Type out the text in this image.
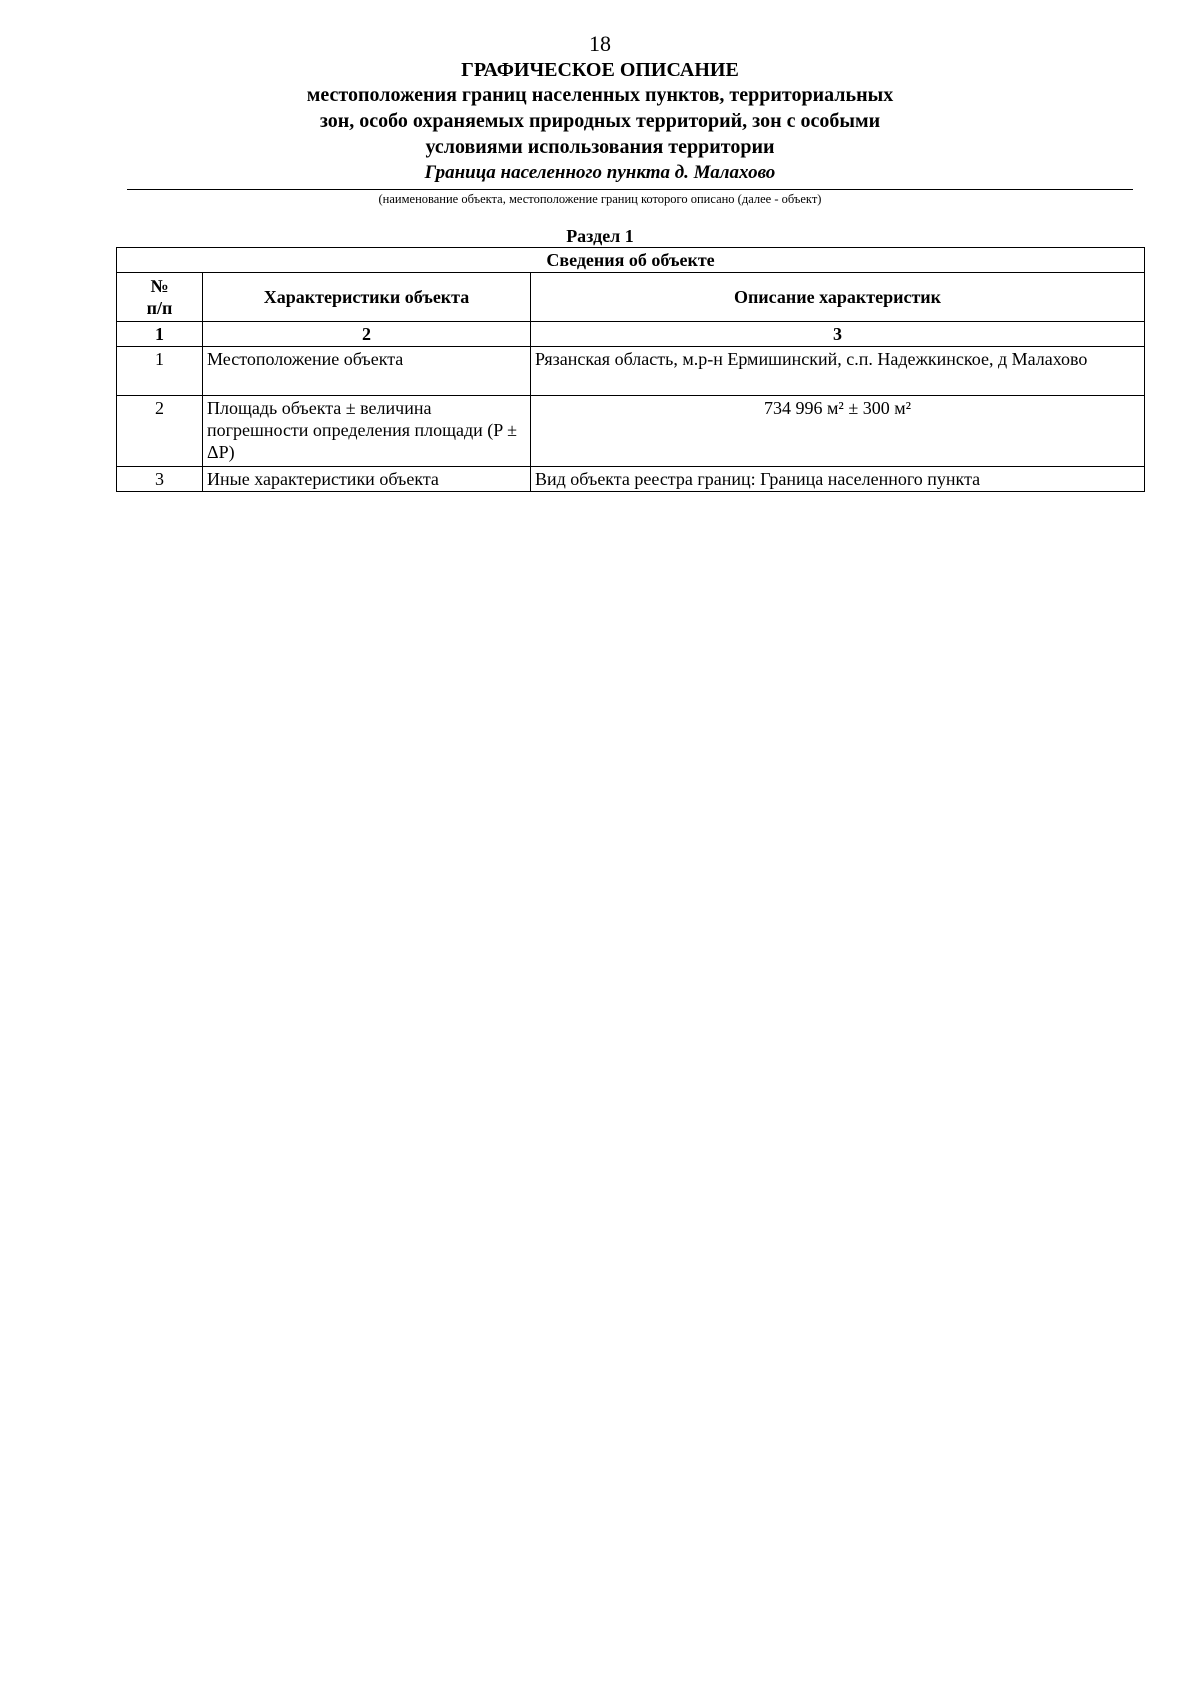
18
ГРАФИЧЕСКОЕ ОПИСАНИЕ
местоположения границ населенных пунктов, территориальных
зон, особо охраняемых природных территорий, зон с особыми
условиями использования территории
Граница населенного пункта д. Малахово
(наименование объекта, местоположение границ которого описано (далее - объект)
Раздел 1
Сведения об объекте		

№
п/п	Характеристики объекта	Описание характеристик
1	2	3
1	Местоположение объекта	Рязанская область, м.р-н Ермишинский, с.п. Надежкинское, д Малахово
2	Площадь объекта ± величина погрешности определения площади (P ± ΔP)	734 996 м² ± 300 м²
3	Иные характеристики объекта	Вид объекта реестра границ: Граница населенного пункта
